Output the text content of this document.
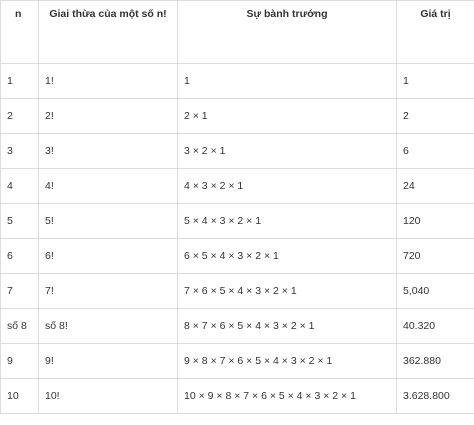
n	Giai thừa của một số n!	Sự bành trướng	Giá trị
1	1!	1	1
2	2!	2 × 1	2
3	3!	3 × 2 × 1	6
4	4!	4 × 3 × 2 × 1	24
5	5!	5 × 4 × 3 × 2 × 1	120
6	6!	6 × 5 × 4 × 3 × 2 × 1	720
7	7!	7 × 6 × 5 × 4 × 3 × 2 × 1	5,040
số 8	số 8!	8 × 7 × 6 × 5 × 4 × 3 × 2 × 1	40.320
9	9!	9 × 8 × 7 × 6 × 5 × 4 × 3 × 2 × 1	362.880
10	10!	10 × 9 × 8 × 7 × 6 × 5 × 4 × 3 × 2 × 1	3.628.800
